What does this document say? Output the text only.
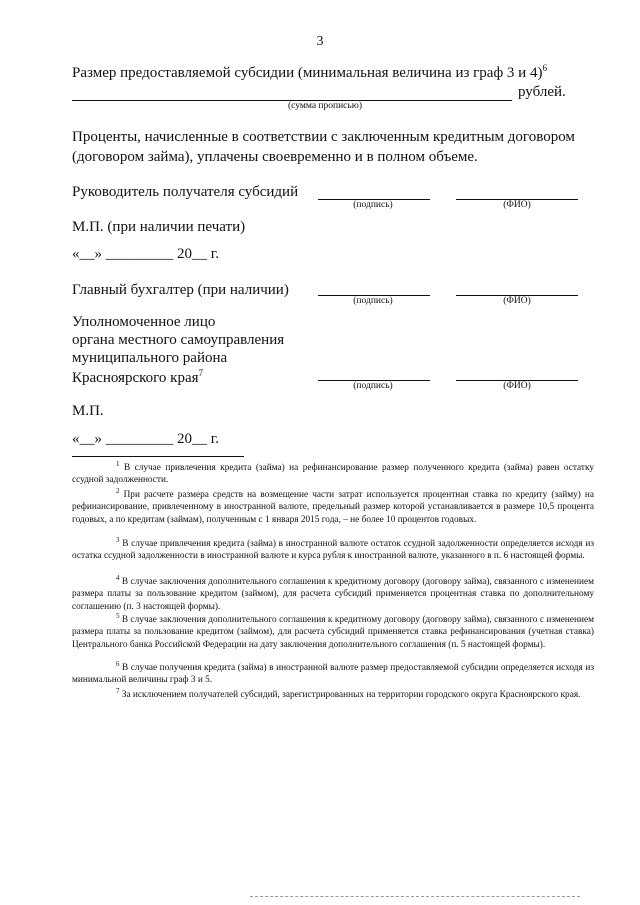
3
Размер предоставляемой субсидии (минимальная величина из граф 3 и 4)$^6$
рублей.
(сумма прописью)
Проценты, начисленные в соответствии с заключенным кредитным договором (договором займа), уплачены своевременно и в полном объеме.
Руководитель получателя субсидий
(подпись)	(ФИО)
М.П. (при наличии печати)
«__» _________ 20__ г.
Главный бухгалтер (при наличии)
(подпись)	(ФИО)
Уполномоченное лицо
органа местного самоуправления
муниципального района
Красноярского края$^7$
(подпись)	(ФИО)
М.П.
«__» _________ 20__ г.
$^1$ В случае привлечения кредита (займа) на рефинансирование размер полученного кредита (займа) равен остатку ссудной задолженности.
$^2$ При расчете размера средств на возмещение части затрат используется процентная ставка по кредиту (займу) на рефинансирование, привлеченному в иностранной валюте, предельный размер которой устанавливается в размере 10,5 процента годовых, а по кредитам (займам), полученным с 1 января 2015 года, – не более 10 процентов годовых.
$^3$ В случае привлечения кредита (займа) в иностранной валюте остаток ссудной задолженности определяется исходя из остатка ссудной задолженности в иностранной валюте и курса рубля к иностранной валюте, указанного в п. 6 настоящей формы.
$^4$ В случае заключения дополнительного соглашения к кредитному договору (договору займа), связанного с изменением размера платы за пользование кредитом (займом), для расчета субсидий применяется процентная ставка по дополнительному соглашению (п. 3 настоящей формы).
$^5$ В случае заключения дополнительного соглашения к кредитному договору (договору займа), связанного с изменением размера платы за пользование кредитом (займом), для расчета субсидий применяется ставка рефинансирования (учетная ставка) Центрального банка Российской Федерации на дату заключения дополнительного соглашения (п. 5 настоящей формы).
$^6$ В случае получения кредита (займа) в иностранной валюте размер предоставляемой субсидии определяется исходя из минимальной величины граф 3 и 5.
$^7$ За исключением получателей субсидий, зарегистрированных на территории городского округа Красноярского края.
